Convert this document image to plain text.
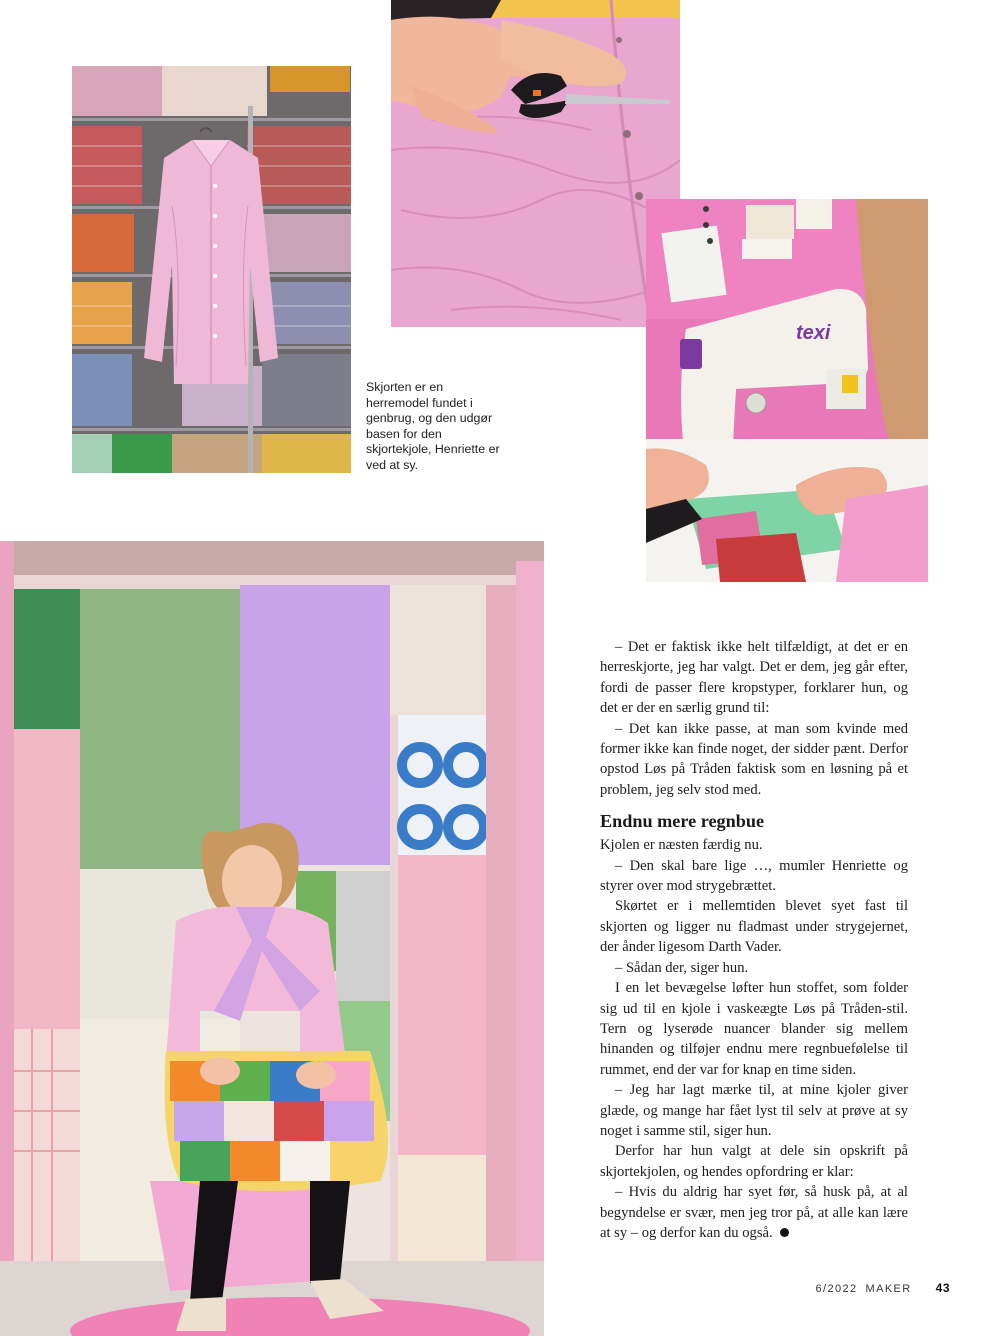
texi
Skjorten er en herremodel fundet i genbrug, og den udgør basen for den skjortekjole, Henriette er ved at sy.

– Det er faktisk ikke helt tilfældigt, at det er en herreskjorte, jeg har valgt. Det er dem, jeg går efter, fordi de passer flere kropstyper, forklarer hun, og det er der en særlig grund til:

– Det kan ikke passe, at man som kvinde med former ikke kan finde noget, der sidder pænt. Derfor opstod Løs på Tråden faktisk som en løsning på et problem, jeg selv stod med.

Endnu mere regnbue

Kjolen er næsten færdig nu.

– Den skal bare lige …, mumler Henriette og styrer over mod strygebrættet.

Skørtet er i mellemtiden blevet syet fast til skjorten og ligger nu fladmast under strygejernet, der ånder ligesom Darth Vader.

– Sådan der, siger hun.

I en let bevægelse løfter hun stoffet, som folder sig ud til en kjole i vaskeægte Løs på Tråden-stil. Tern og lyserøde nuancer blander sig mellem hinanden og tilføjer endnu mere regnbuefølelse til rummet, end der var for knap en time siden.

– Jeg har lagt mærke til, at mine kjoler giver glæde, og mange har fået lyst til selv at prøve at sy noget i samme stil, siger hun.

Derfor har hun valgt at dele sin opskrift på skjortekjolen, og hendes opfordring er klar:

– Hvis du aldrig har syet før, så husk på, at al begyndelse er svær, men jeg tror på, at alle kan lære at sy – og derfor kan du også.

6/2022 MAKER 43
